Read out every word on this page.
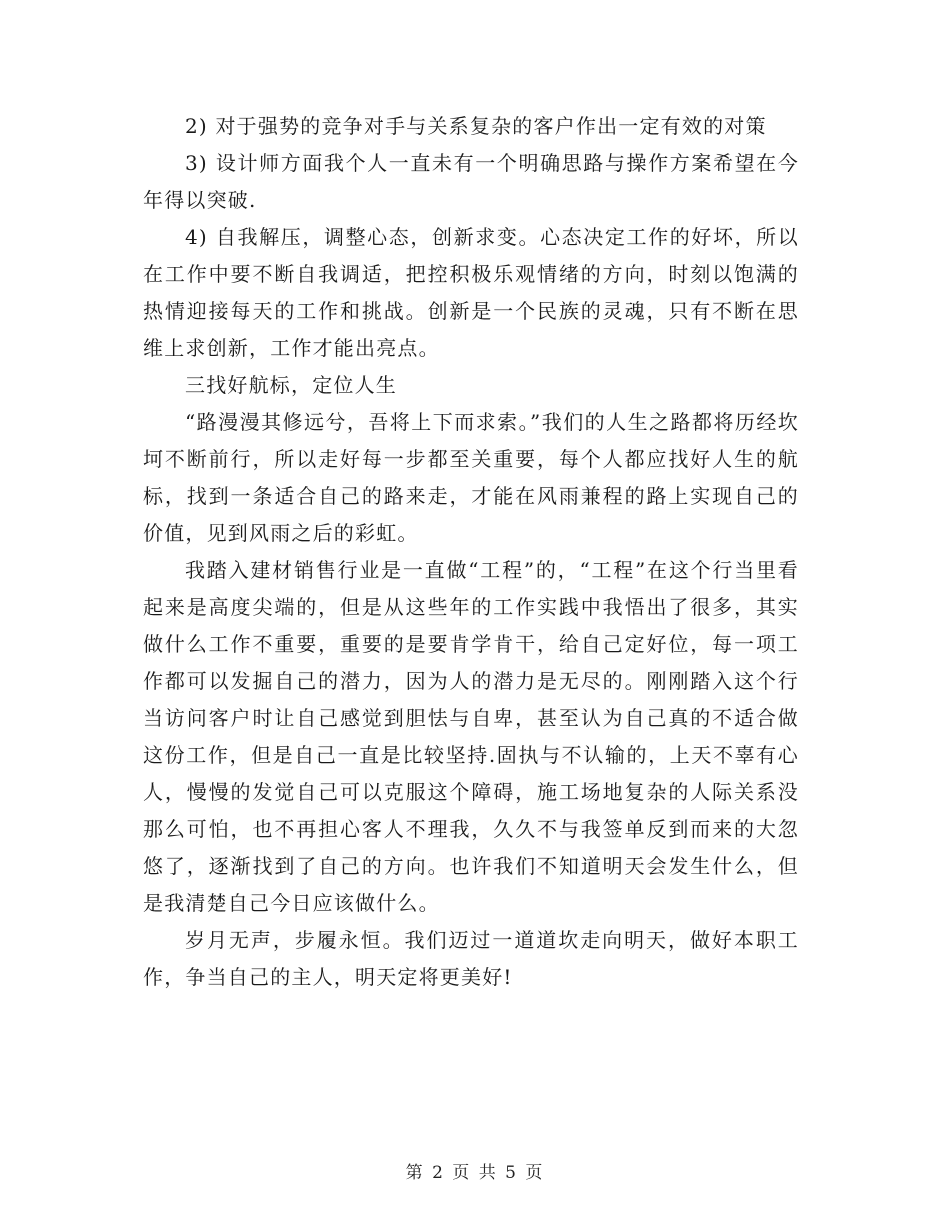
2) 对于强势的竞争对手与关系复杂的客户作出一定有效的对策

3) 设计师方面我个人一直未有一个明确思路与操作方案希望在今年得以突破.

4) 自我解压，调整心态，创新求变。心态决定工作的好坏，所以在工作中要不断自我调适，把控积极乐观情绪的方向，时刻以饱满的热情迎接每天的工作和挑战。创新是一个民族的灵魂，只有不断在思维上求创新，工作才能出亮点。

三找好航标，定位人生

“路漫漫其修远兮，吾将上下而求索。”我们的人生之路都将历经坎坷不断前行，所以走好每一步都至关重要，每个人都应找好人生的航标，找到一条适合自己的路来走，才能在风雨兼程的路上实现自己的价值，见到风雨之后的彩虹。

我踏入建材销售行业是一直做“工程”的，“工程”在这个行当里看起来是高度尖端的，但是从这些年的工作实践中我悟出了很多，其实做什么工作不重要，重要的是要肯学肯干，给自己定好位，每一项工作都可以发掘自己的潜力，因为人的潜力是无尽的。刚刚踏入这个行当访问客户时让自己感觉到胆怯与自卑，甚至认为自己真的不适合做这份工作，但是自己一直是比较坚持.固执与不认输的，上天不辜有心人，慢慢的发觉自己可以克服这个障碍，施工场地复杂的人际关系没那么可怕，也不再担心客人不理我，久久不与我签单反到而来的大忽悠了，逐渐找到了自己的方向。也许我们不知道明天会发生什么，但是我清楚自己今日应该做什么。

岁月无声，步履永恒。我们迈过一道道坎走向明天，做好本职工作，争当自己的主人，明天定将更美好!

第 2 页 共 5 页
